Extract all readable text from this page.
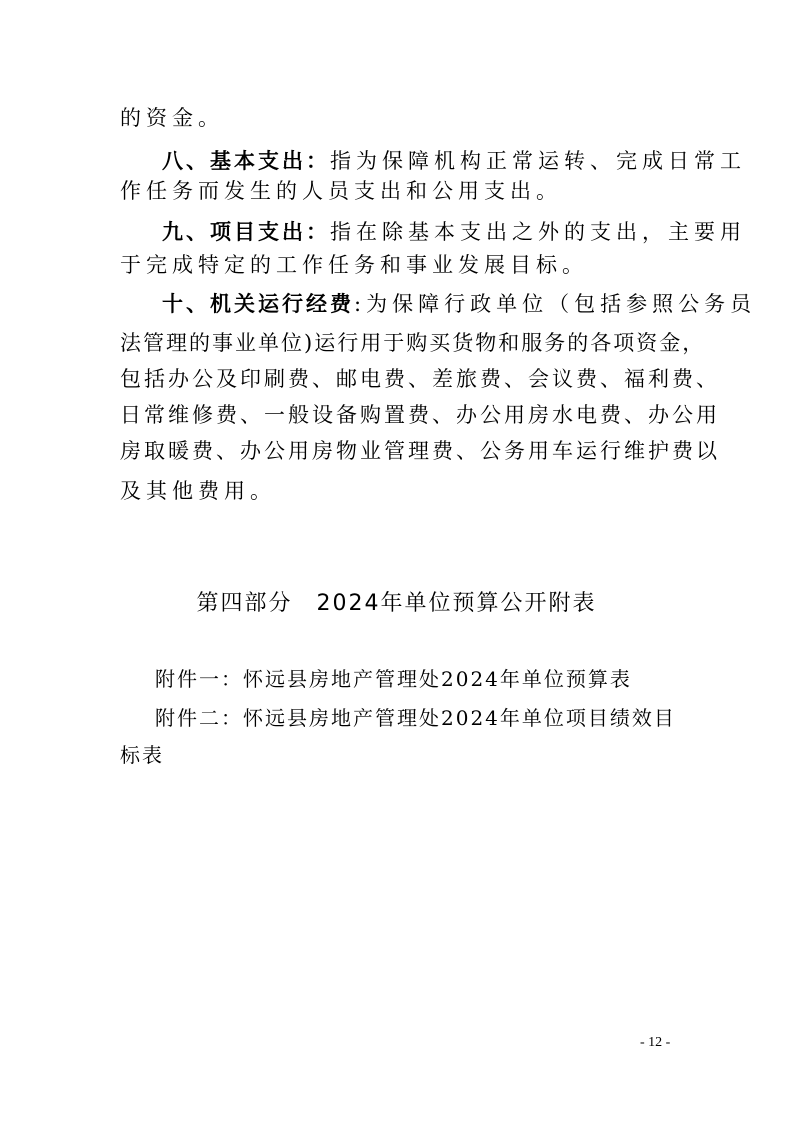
的资金。
八、基本支出：指为保障机构正常运转、完成日常工
作任务而发生的人员支出和公用支出。
九、项目支出：指在除基本支出之外的支出，主要用
于完成特定的工作任务和事业发展目标。
十、机关运行经费:为保障行政单位（包括参照公务员
法管理的事业单位)运行用于购买货物和服务的各项资金，
包括办公及印刷费、邮电费、差旅费、会议费、福利费、
日常维修费、一般设备购置费、办公用房水电费、办公用
房取暖费、办公用房物业管理费、公务用车运行维护费以
及其他费用。
第四部分　2024年单位预算公开附表
附件一：怀远县房地产管理处2024年单位预算表
附件二：怀远县房地产管理处2024年单位项目绩效目
标表
- 12 -
